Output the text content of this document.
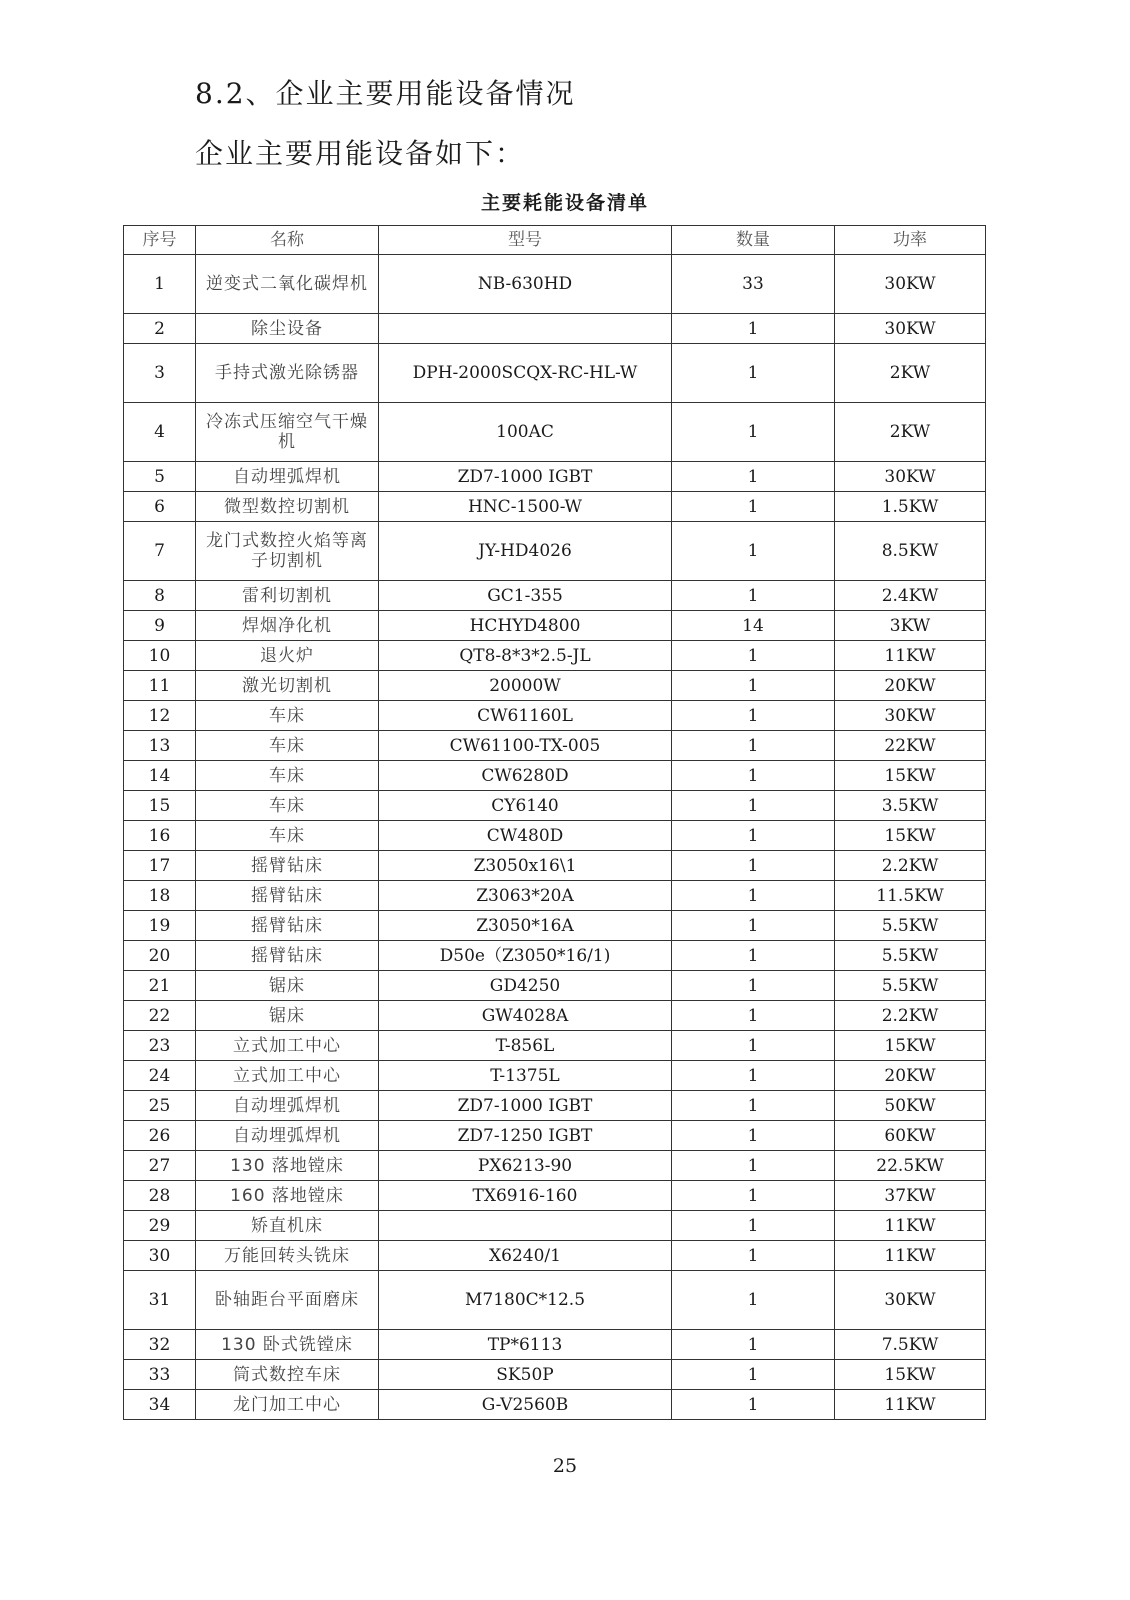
8.2、企业主要用能设备情况
企业主要用能设备如下：
主要耗能设备清单
序号	名称	型号	数量	功率
1	逆变式二氧化碳焊机	NB-630HD	33	30KW
2	除尘设备		1	30KW
3	手持式激光除锈器	DPH-2000SCQX-RC-HL-W	1	2KW
4	冷冻式压缩空气干燥机	100AC	1	2KW
5	自动埋弧焊机	ZD7-1000 IGBT	1	30KW
6	微型数控切割机	HNC-1500-W	1	1.5KW
7	龙门式数控火焰等离子切割机	JY-HD4026	1	8.5KW
8	雷利切割机	GC1-355	1	2.4KW
9	焊烟净化机	HCHYD4800	14	3KW
10	退火炉	QT8-8*3*2.5-JL	1	11KW
11	激光切割机	20000W	1	20KW
12	车床	CW61160L	1	30KW
13	车床	CW61100-TX-005	1	22KW
14	车床	CW6280D	1	15KW
15	车床	CY6140	1	3.5KW
16	车床	CW480D	1	15KW
17	摇臂钻床	Z3050x16\1	1	2.2KW
18	摇臂钻床	Z3063*20A	1	11.5KW
19	摇臂钻床	Z3050*16A	1	5.5KW
20	摇臂钻床	D50e（Z3050*16/1)	1	5.5KW
21	锯床	GD4250	1	5.5KW
22	锯床	GW4028A	1	2.2KW
23	立式加工中心	T-856L	1	15KW
24	立式加工中心	T-1375L	1	20KW
25	自动埋弧焊机	ZD7-1000 IGBT	1	50KW
26	自动埋弧焊机	ZD7-1250 IGBT	1	60KW
27	130 落地镗床	PX6213-90	1	22.5KW
28	160 落地镗床	TX6916-160	1	37KW
29	矫直机床		1	11KW
30	万能回转头铣床	X6240/1	1	11KW
31	卧轴距台平面磨床	M7180C*12.5	1	30KW
32	130 卧式铣镗床	TP*6113	1	7.5KW
33	筒式数控车床	SK50P	1	15KW
34	龙门加工中心	G-V2560B	1	11KW
25
